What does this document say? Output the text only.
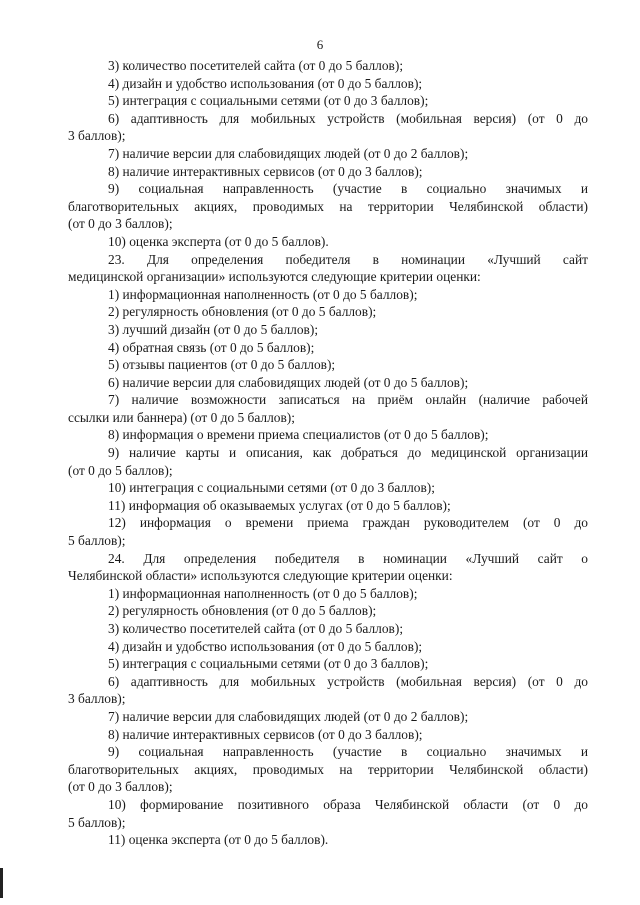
6
3) количество посетителей сайта (от 0 до 5 баллов);
4) дизайн и удобство использования (от 0 до 5 баллов);
5) интеграция с социальными сетями (от 0 до 3 баллов);
6) адаптивность для мобильных устройств (мобильная версия) (от 0 до
3 баллов);
7) наличие версии для слабовидящих людей (от 0 до 2 баллов);
8) наличие интерактивных сервисов (от 0 до 3 баллов);
9) социальная направленность (участие в социально значимых и
благотворительных акциях, проводимых на территории Челябинской области)
(от 0 до 3 баллов);
10) оценка эксперта (от 0 до 5 баллов).
23. Для определения победителя в номинации «Лучший сайт
медицинской организации» используются следующие критерии оценки:
1) информационная наполненность (от 0 до 5 баллов);
2) регулярность обновления (от 0 до 5 баллов);
3) лучший дизайн (от 0 до 5 баллов);
4) обратная связь (от 0 до 5 баллов);
5) отзывы пациентов (от 0 до 5 баллов);
6) наличие версии для слабовидящих людей (от 0 до 5 баллов);
7) наличие возможности записаться на приём онлайн (наличие рабочей
ссылки или баннера) (от 0 до 5 баллов);
8) информация о времени приема специалистов (от 0 до 5 баллов);
9) наличие карты и описания, как добраться до медицинской организации
(от 0 до 5 баллов);
10) интеграция с социальными сетями (от 0 до 3 баллов);
11) информация об оказываемых услугах (от 0 до 5 баллов);
12) информация о времени приема граждан руководителем (от 0 до
5 баллов);
24. Для определения победителя в номинации «Лучший сайт о
Челябинской области» используются следующие критерии оценки:
1) информационная наполненность (от 0 до 5 баллов);
2) регулярность обновления (от 0 до 5 баллов);
3) количество посетителей сайта (от 0 до 5 баллов);
4) дизайн и удобство использования (от 0 до 5 баллов);
5) интеграция с социальными сетями (от 0 до 3 баллов);
6) адаптивность для мобильных устройств (мобильная версия) (от 0 до
3 баллов);
7) наличие версии для слабовидящих людей (от 0 до 2 баллов);
8) наличие интерактивных сервисов (от 0 до 3 баллов);
9) социальная направленность (участие в социально значимых и
благотворительных акциях, проводимых на территории Челябинской области)
(от 0 до 3 баллов);
10) формирование позитивного образа Челябинской области (от 0 до
5 баллов);
11) оценка эксперта (от 0 до 5 баллов).
